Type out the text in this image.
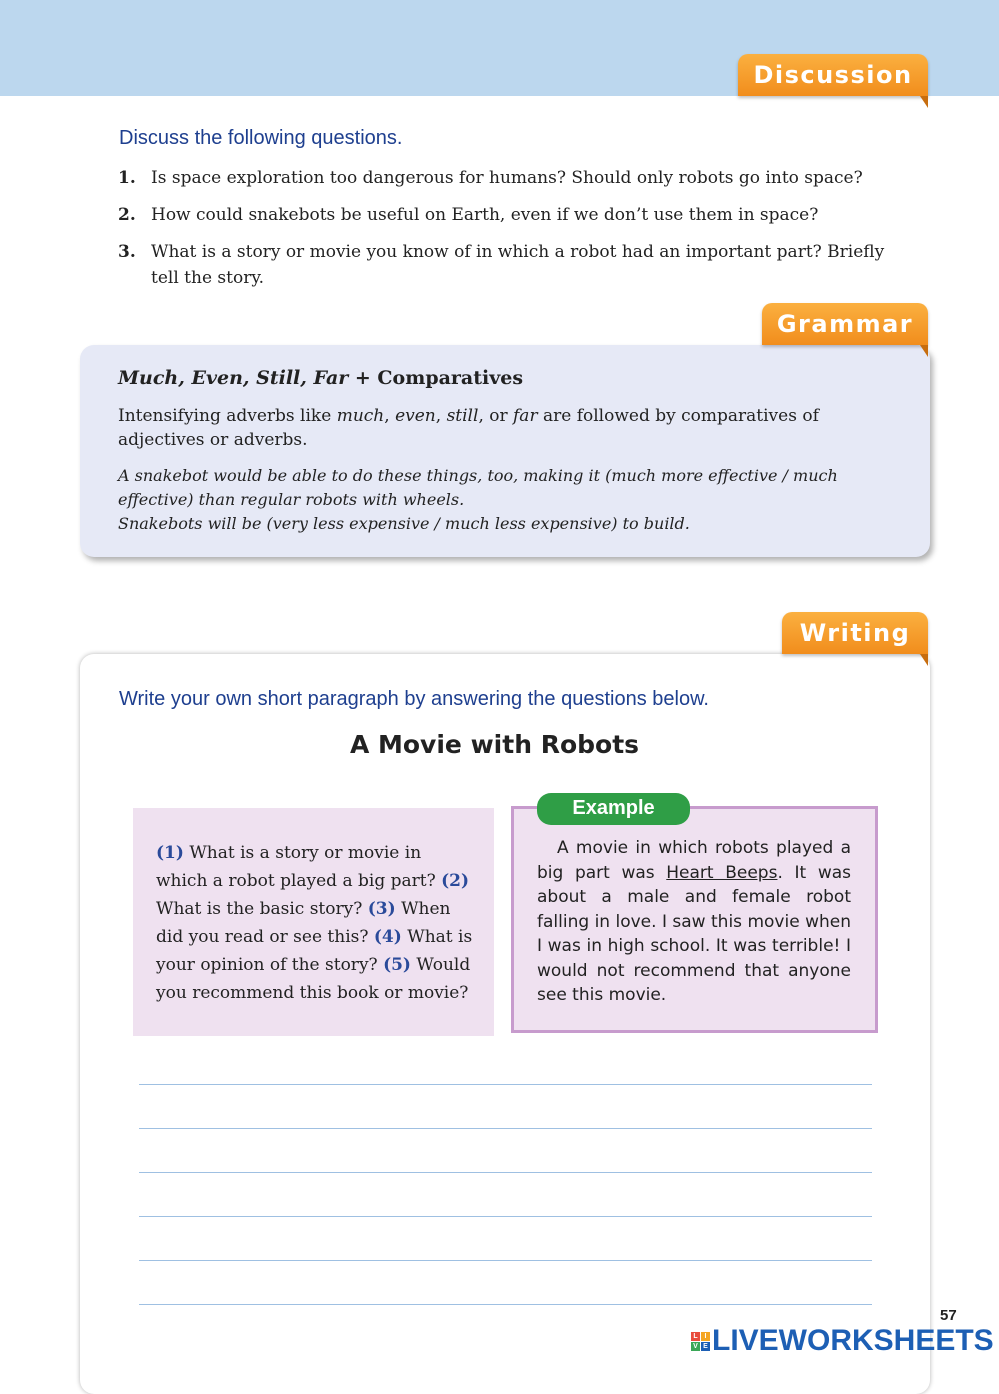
Discussion
Discuss the following questions.
1. Is space exploration too dangerous for humans? Should only robots go into space?
2. How could snakebots be useful on Earth, even if we don’t use them in space?
3. What is a story or movie you know of in which a robot had an important part? Briefly tell the story.
Grammar
Much, Even, Still, Far + Comparatives
Intensifying adverbs like much, even, still, or far are followed by comparatives of adjectives or adverbs.
A snakebot would be able to do these things, too, making it (much more effective / much effective) than regular robots with wheels.
Snakebots will be (very less expensive / much less expensive) to build.
Writing
Write your own short paragraph by answering the questions below.
A Movie with Robots
(1) What is a story or movie in which a robot played a big part? (2) What is the basic story? (3) When did you read or see this? (4) What is your opinion of the story? (5) Would you recommend this book or movie?
Example
A movie in which robots played a big part was Heart Beeps. It was about a male and female robot falling in love. I saw this movie when I was in high school. It was terrible! I would not recommend that anyone see this movie.
57
L I
V E LIVEWORKSHEETS
